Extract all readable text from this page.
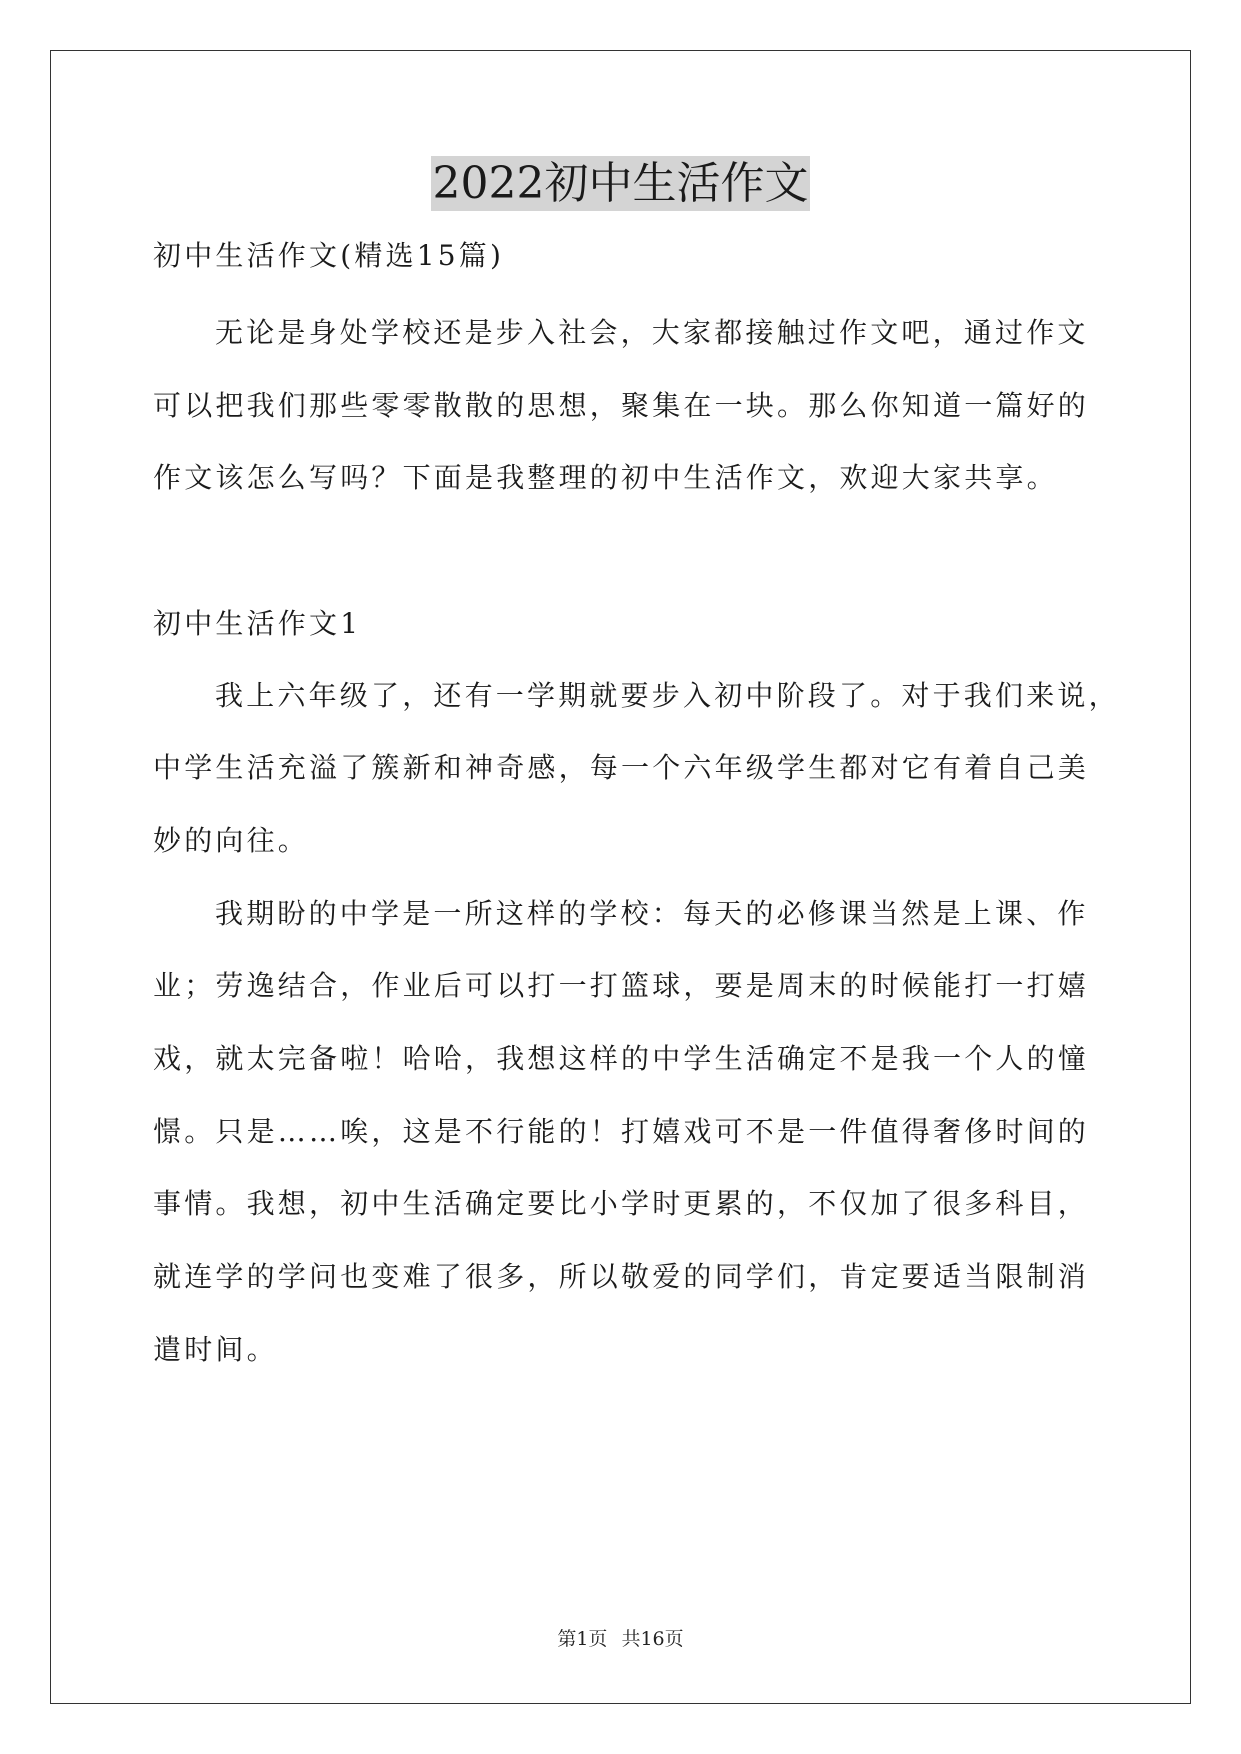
2022初中生活作文

初中生活作文(精选15篇)

无论是身处学校还是步入社会，大家都接触过作文吧，通过作文

可以把我们那些零零散散的思想，聚集在一块。那么你知道一篇好的

作文该怎么写吗？下面是我整理的初中生活作文，欢迎大家共享。

初中生活作文1

我上六年级了，还有一学期就要步入初中阶段了。对于我们来说，

中学生活充溢了簇新和神奇感，每一个六年级学生都对它有着自己美

妙的向往。

我期盼的中学是一所这样的学校：每天的必修课当然是上课、作

业；劳逸结合，作业后可以打一打篮球，要是周末的时候能打一打嬉

戏，就太完备啦！哈哈，我想这样的中学生活确定不是我一个人的憧

憬。只是……唉，这是不行能的！打嬉戏可不是一件值得奢侈时间的

事情。我想，初中生活确定要比小学时更累的，不仅加了很多科目，

就连学的学问也变难了很多，所以敬爱的同学们，肯定要适当限制消

遣时间。

第1页 共16页
